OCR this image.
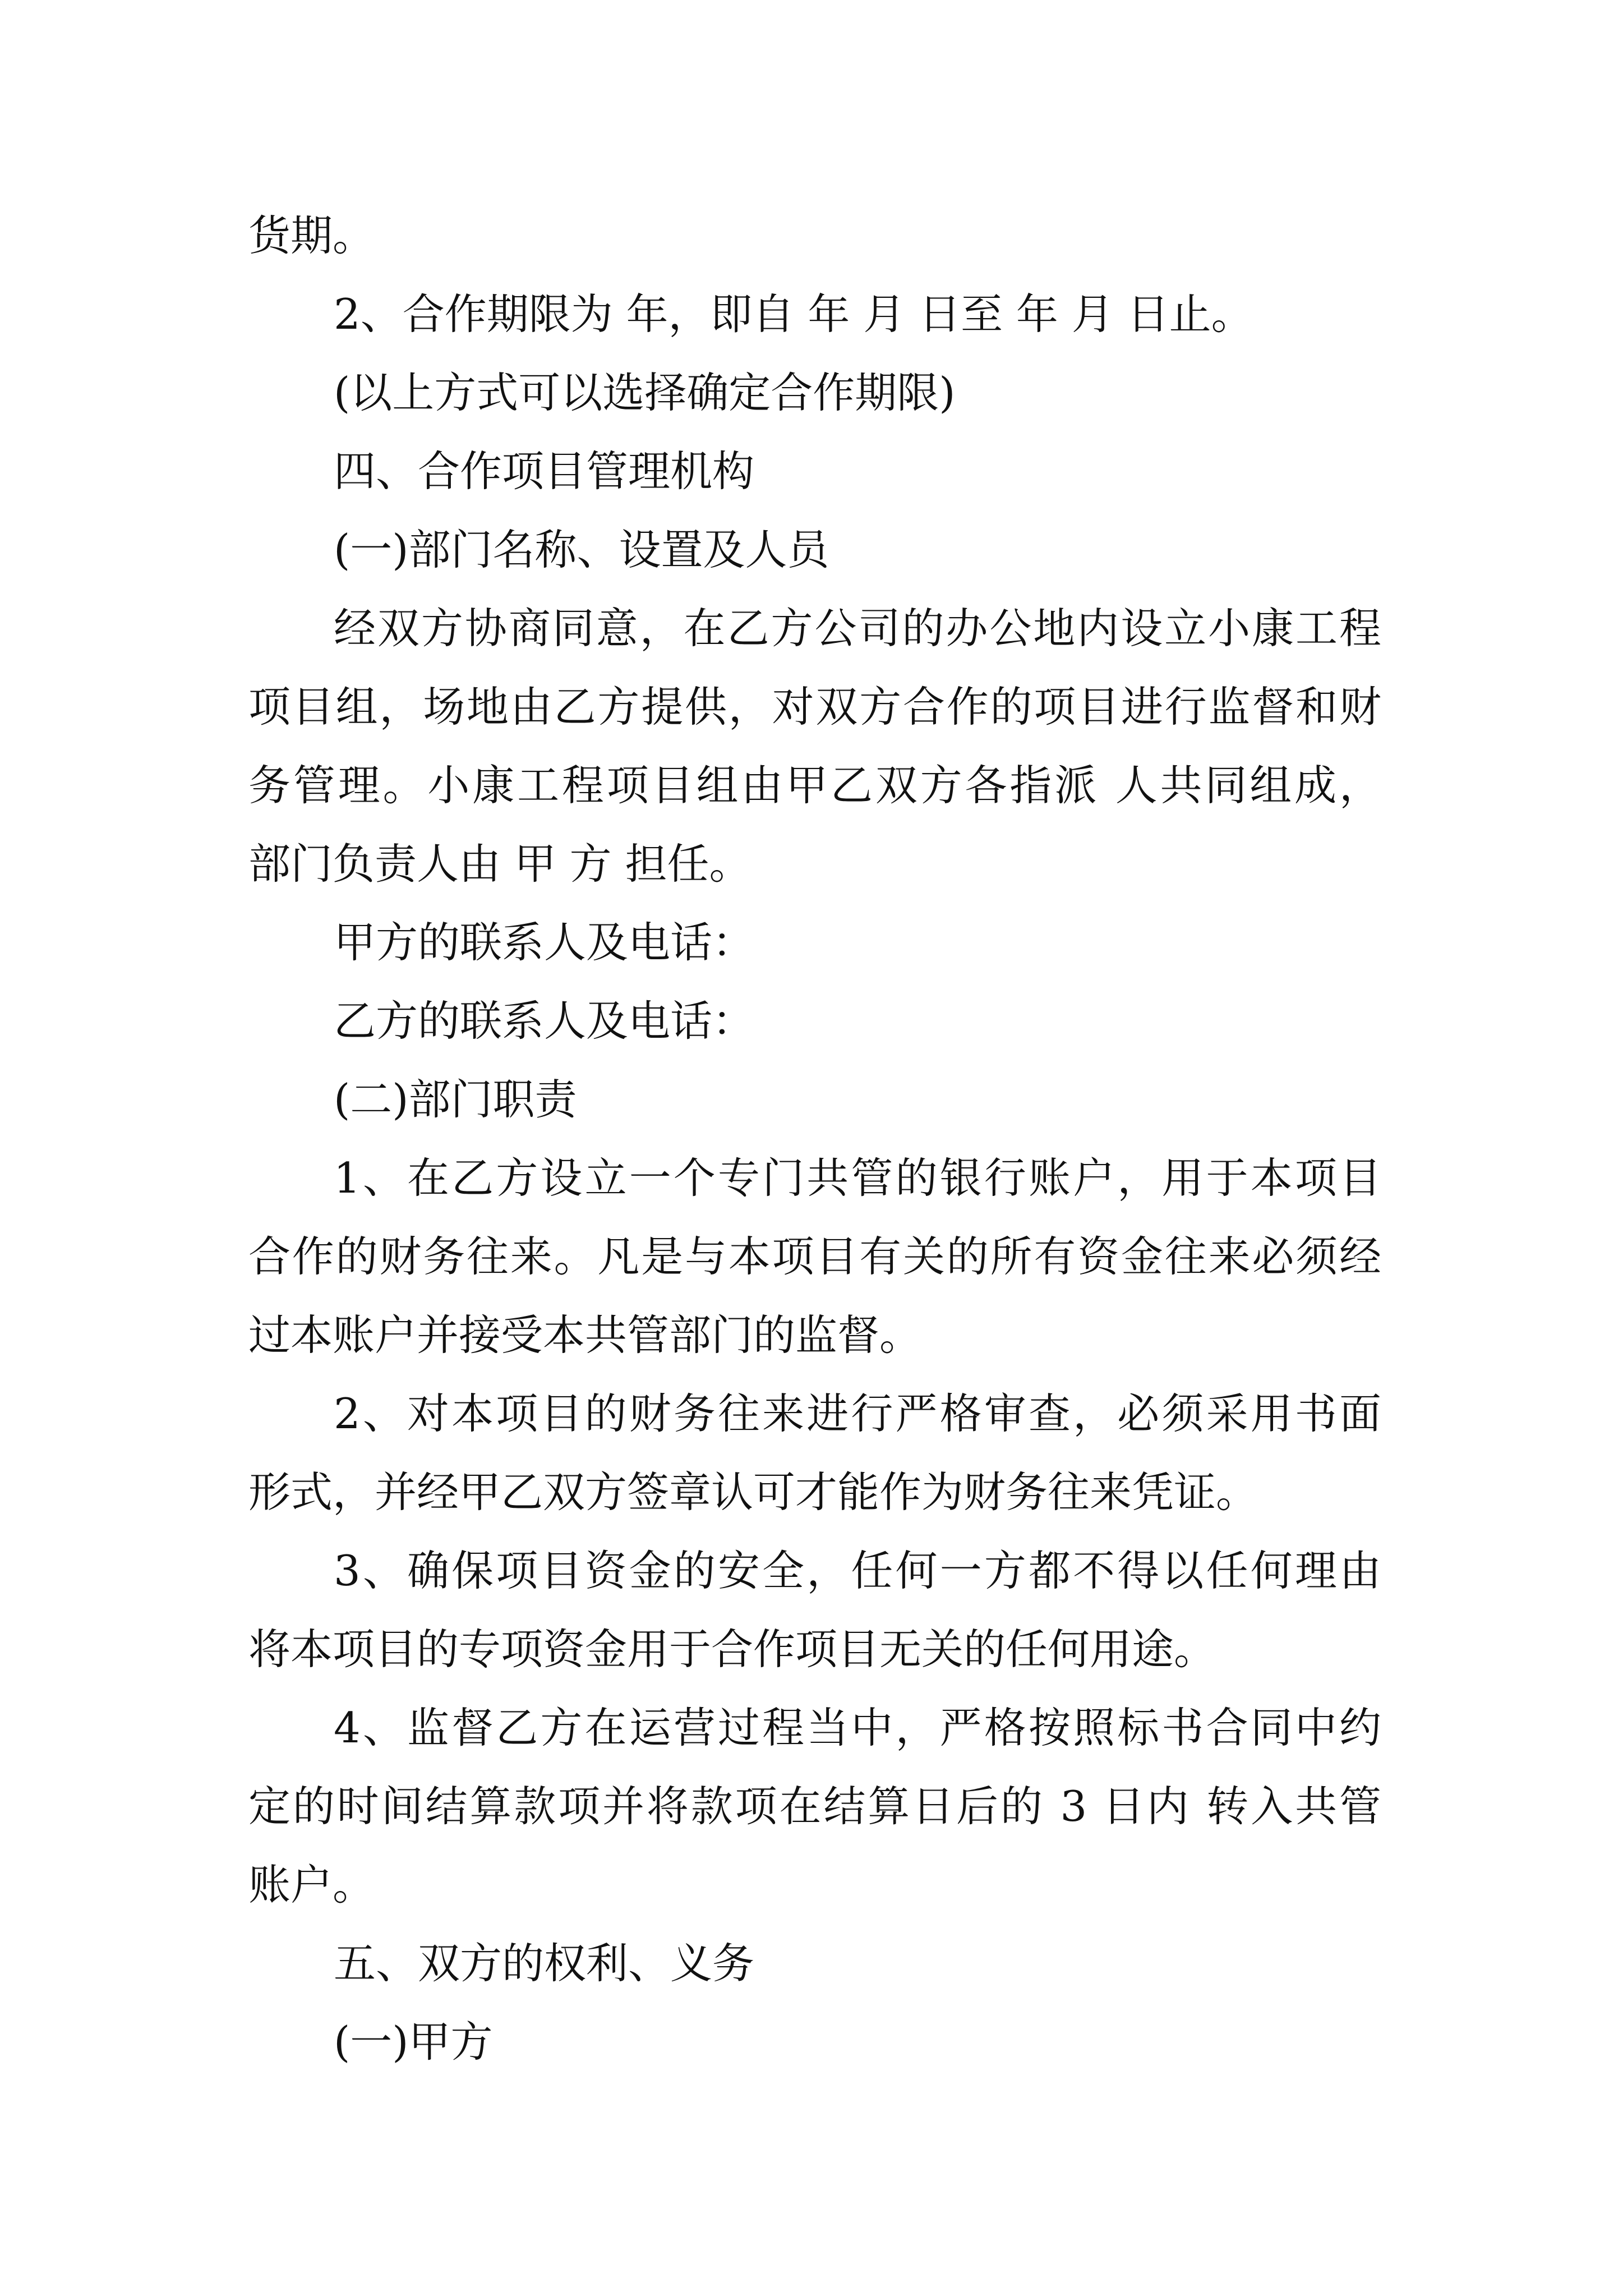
货期。

2、合作期限为 年，即自 年 月 日至 年 月 日止。

(以上方式可以选择确定合作期限)

四、合作项目管理机构

(一)部门名称、设置及人员

经双方协商同意，在乙方公司的办公地内设立小康工程

项目组，场地由乙方提供，对双方合作的项目进行监督和财

务管理。小康工程项目组由甲乙双方各指派 人共同组成，

部门负责人由 甲 方 担任。

甲方的联系人及电话：

乙方的联系人及电话：

(二)部门职责

1、在乙方设立一个专门共管的银行账户，用于本项目

合作的财务往来。凡是与本项目有关的所有资金往来必须经

过本账户并接受本共管部门的监督。

2、对本项目的财务往来进行严格审查，必须采用书面

形式，并经甲乙双方签章认可才能作为财务往来凭证。

3、确保项目资金的安全，任何一方都不得以任何理由

将本项目的专项资金用于合作项目无关的任何用途。

4、监督乙方在运营过程当中，严格按照标书合同中约

定的时间结算款项并将款项在结算日后的 3 日内 转入共管

账户。

五、双方的权利、义务

(一)甲方
